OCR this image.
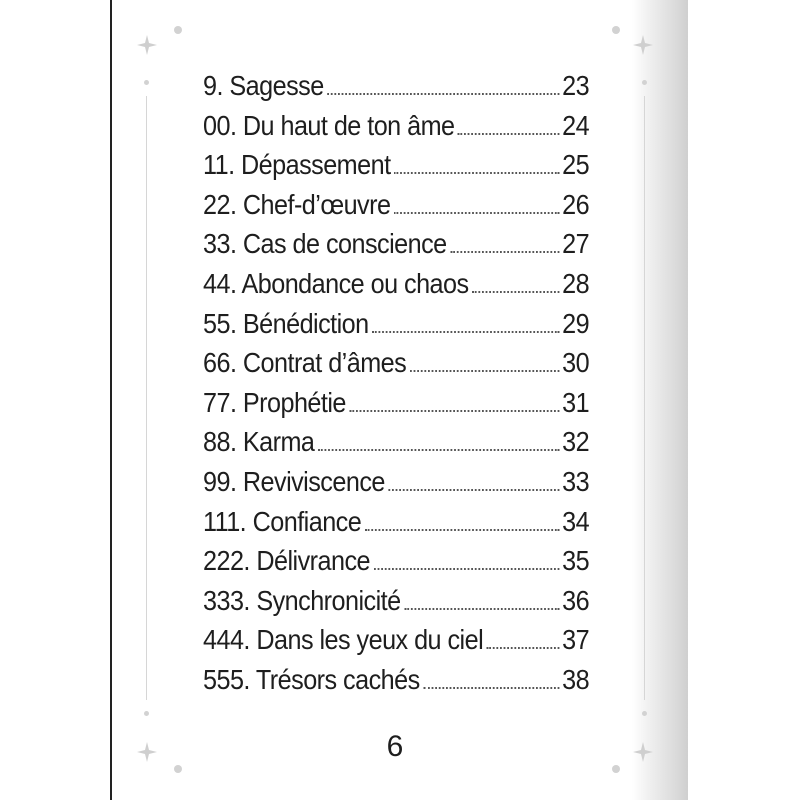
9. Sagesse	23
00. Du haut de ton âme	24
11. Dépassement	25
22. Chef-d’œuvre	26
33. Cas de conscience	27
44. Abondance ou chaos	28
55. Bénédiction	29
66. Contrat d’âmes	30
77. Prophétie	31
88. Karma	32
99. Reviviscence	33
111. Confiance	34
222. Délivrance	35
333. Synchronicité	36
444. Dans les yeux du ciel	37
555. Trésors cachés	38
6
